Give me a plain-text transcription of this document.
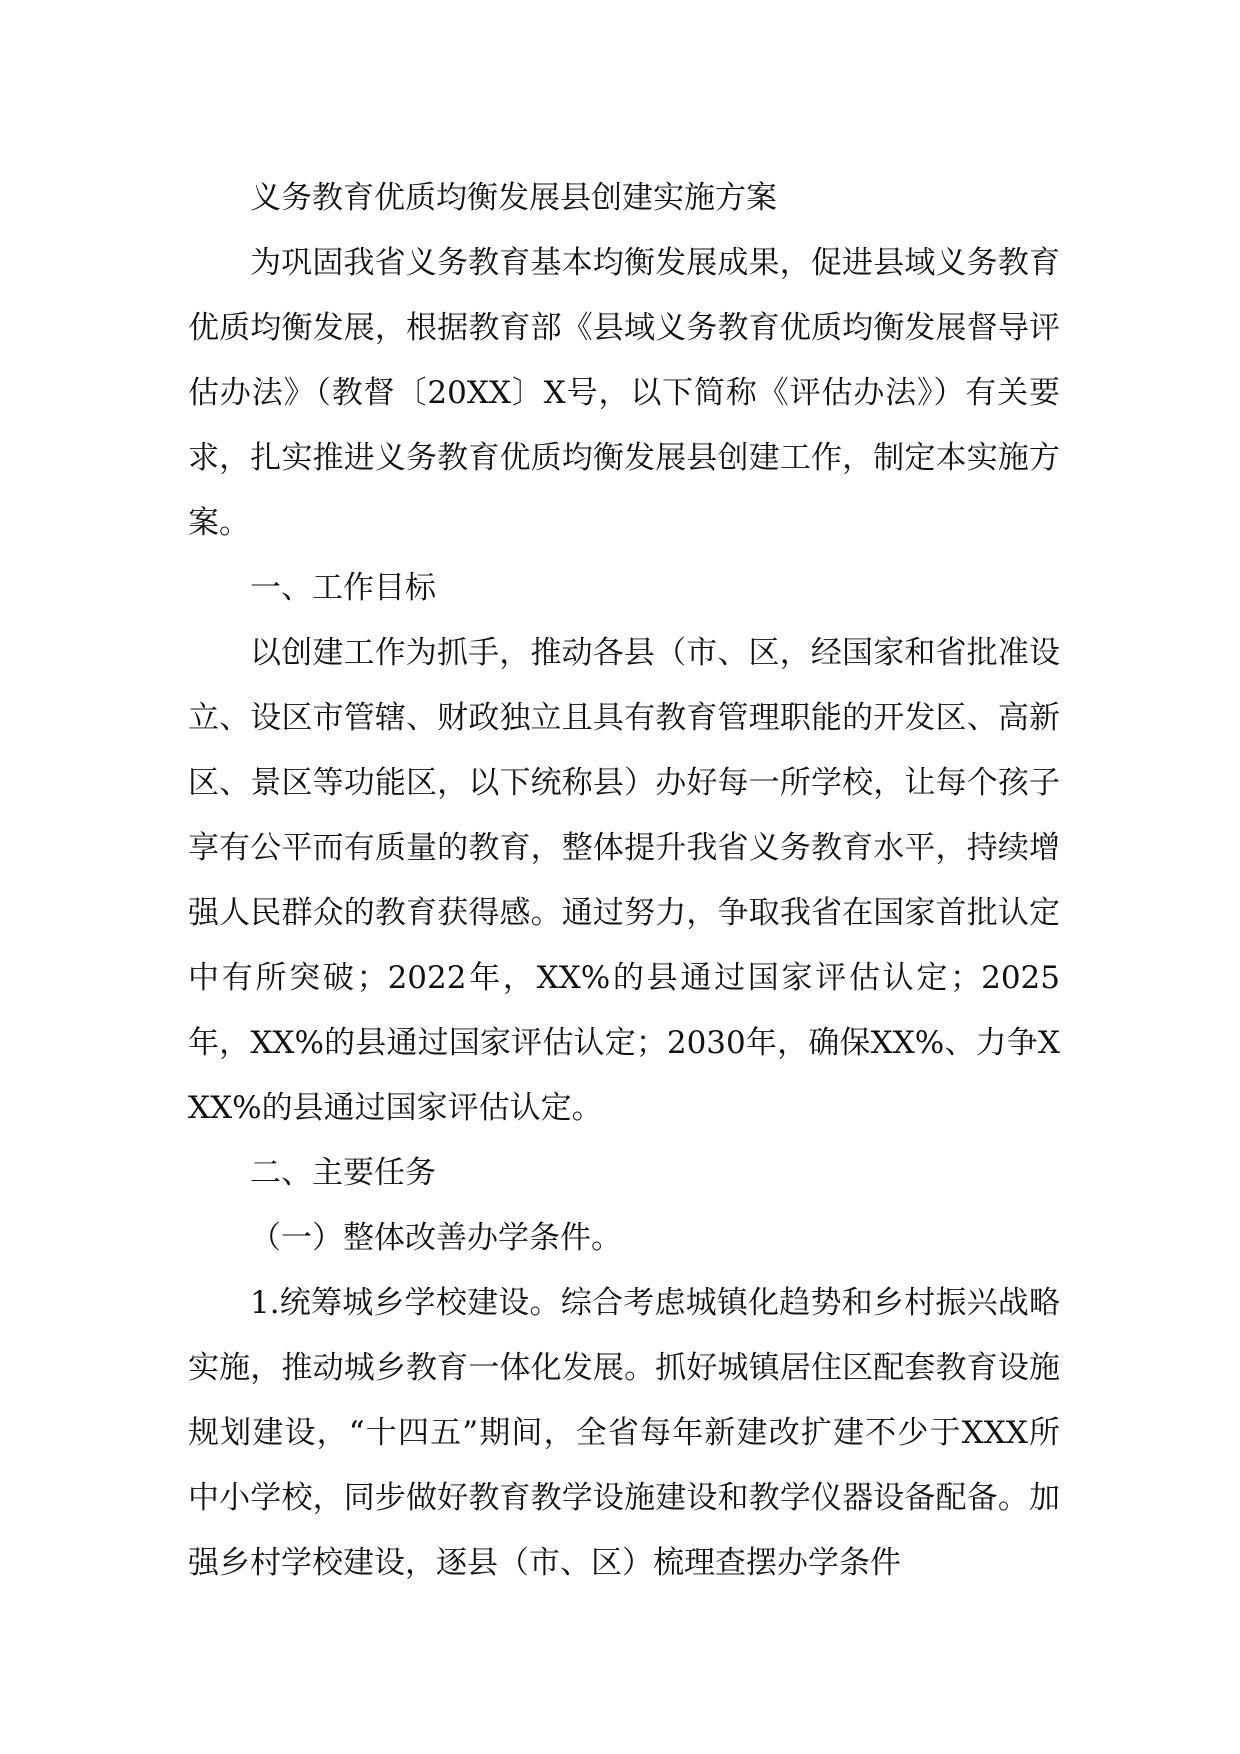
义务教育优质均衡发展县创建实施方案

为巩固我省义务教育基本均衡发展成果，促进县域义务教育优质均衡发展，根据教育部《县域义务教育优质均衡发展督导评估办法》（教督〔20XX〕X号，以下简称《评估办法》）有关要求，扎实推进义务教育优质均衡发展县创建工作，制定本实施方案。

一、工作目标

以创建工作为抓手，推动各县（市、区，经国家和省批准设立、设区市管辖、财政独立且具有教育管理职能的开发区、高新区、景区等功能区，以下统称县）办好每一所学校，让每个孩子享有公平而有质量的教育，整体提升我省义务教育水平，持续增强人民群众的教育获得感。通过努力，争取我省在国家首批认定中有所突破；2022年，XX%的县通过国家评估认定；2025年，XX%的县通过国家评估认定；2030年，确保XX%、力争XXX%的县通过国家评估认定。

二、主要任务

（一）整体改善办学条件。

1.统筹城乡学校建设。综合考虑城镇化趋势和乡村振兴战略实施，推动城乡教育一体化发展。抓好城镇居住区配套教育设施规划建设，“十四五”期间，全省每年新建改扩建不少于XXX所中小学校，同步做好教育教学设施建设和教学仪器设备配备。加强乡村学校建设，逐县（市、区）梳理查摆办学条件
